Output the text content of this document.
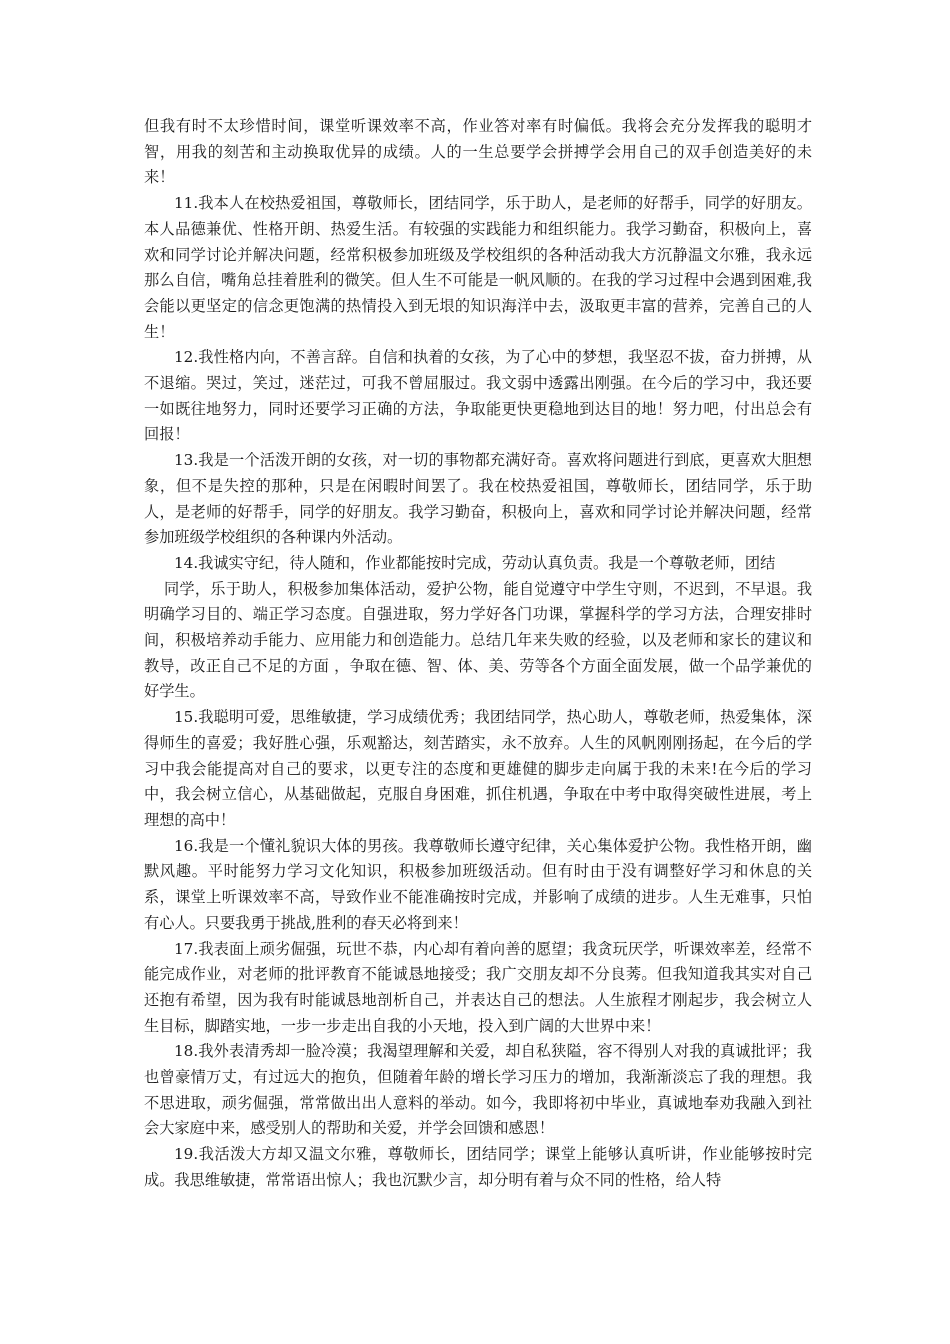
但我有时不太珍惜时间，课堂听课效率不高，作业答对率有时偏低。我将会充分发挥我的聪明才智，用我的刻苦和主动换取优异的成绩。人的一生总要学会拼搏学会用自己的双手创造美好的未来！

11.我本人在校热爱祖国，尊敬师长，团结同学，乐于助人，是老师的好帮手，同学的好朋友。本人品德兼优、性格开朗、热爱生活。有较强的实践能力和组织能力。我学习勤奋，积极向上，喜欢和同学讨论并解决问题，经常积极参加班级及学校组织的各种活动我大方沉静温文尔雅，我永远那么自信，嘴角总挂着胜利的微笑。但人生不可能是一帆风顺的。在我的学习过程中会遇到困难,我会能以更坚定的信念更饱满的热情投入到无垠的知识海洋中去，汲取更丰富的营养，完善自己的人生！

12.我性格内向，不善言辞。自信和执着的女孩，为了心中的梦想，我坚忍不拔，奋力拼搏，从不退缩。哭过，笑过，迷茫过，可我不曾屈服过。我文弱中透露出刚强。在今后的学习中，我还要一如既往地努力，同时还要学习正确的方法，争取能更快更稳地到达目的地！努力吧，付出总会有回报！

13.我是一个活泼开朗的女孩，对一切的事物都充满好奇。喜欢将问题进行到底，更喜欢大胆想象，但不是失控的那种，只是在闲暇时间罢了。我在校热爱祖国，尊敬师长，团结同学，乐于助人，是老师的好帮手，同学的好朋友。我学习勤奋，积极向上，喜欢和同学讨论并解决问题，经常参加班级学校组织的各种课内外活动。

14.我诚实守纪，待人随和，作业都能按时完成，劳动认真负责。我是一个尊敬老师，团结

同学，乐于助人，积极参加集体活动，爱护公物，能自觉遵守中学生守则，不迟到，不早退。我明确学习目的、端正学习态度。自强进取，努力学好各门功课，掌握科学的学习方法，合理安排时间，积极培养动手能力、应用能力和创造能力。总结几年来失败的经验，以及老师和家长的建议和教导，改正自己不足的方面 ，争取在德、智、体、美、劳等各个方面全面发展，做一个品学兼优的好学生。

15.我聪明可爱，思维敏捷，学习成绩优秀；我团结同学，热心助人，尊敬老师，热爱集体，深得师生的喜爱；我好胜心强，乐观豁达，刻苦踏实，永不放弃。人生的风帆刚刚扬起，在今后的学习中我会能提高对自己的要求，以更专注的态度和更雄健的脚步走向属于我的未来!在今后的学习中，我会树立信心，从基础做起，克服自身困难，抓住机遇，争取在中考中取得突破性进展，考上理想的高中！

16.我是一个懂礼貌识大体的男孩。我尊敬师长遵守纪律，关心集体爱护公物。我性格开朗，幽默风趣。平时能努力学习文化知识，积极参加班级活动。但有时由于没有调整好学习和休息的关系，课堂上听课效率不高，导致作业不能准确按时完成，并影响了成绩的进步。人生无难事，只怕有心人。只要我勇于挑战,胜利的春天必将到来！

17.我表面上顽劣倔强，玩世不恭，内心却有着向善的愿望；我贪玩厌学，听课效率差，经常不能完成作业，对老师的批评教育不能诚恳地接受；我广交朋友却不分良莠。但我知道我其实对自己还抱有希望，因为我有时能诚恳地剖析自己，并表达自己的想法。人生旅程才刚起步，我会树立人生目标，脚踏实地，一步一步走出自我的小天地，投入到广阔的大世界中来！

18.我外表清秀却一脸冷漠；我渴望理解和关爱，却自私狭隘，容不得别人对我的真诚批评；我也曾豪情万丈，有过远大的抱负，但随着年龄的增长学习压力的增加，我渐渐淡忘了我的理想。我不思进取，顽劣倔强，常常做出出人意料的举动。如今，我即将初中毕业，真诚地奉劝我融入到社会大家庭中来，感受别人的帮助和关爱，并学会回馈和感恩！

19.我活泼大方却又温文尔雅，尊敬师长，团结同学；课堂上能够认真听讲，作业能够按时完成。我思维敏捷，常常语出惊人；我也沉默少言，却分明有着与众不同的性格，给人特
